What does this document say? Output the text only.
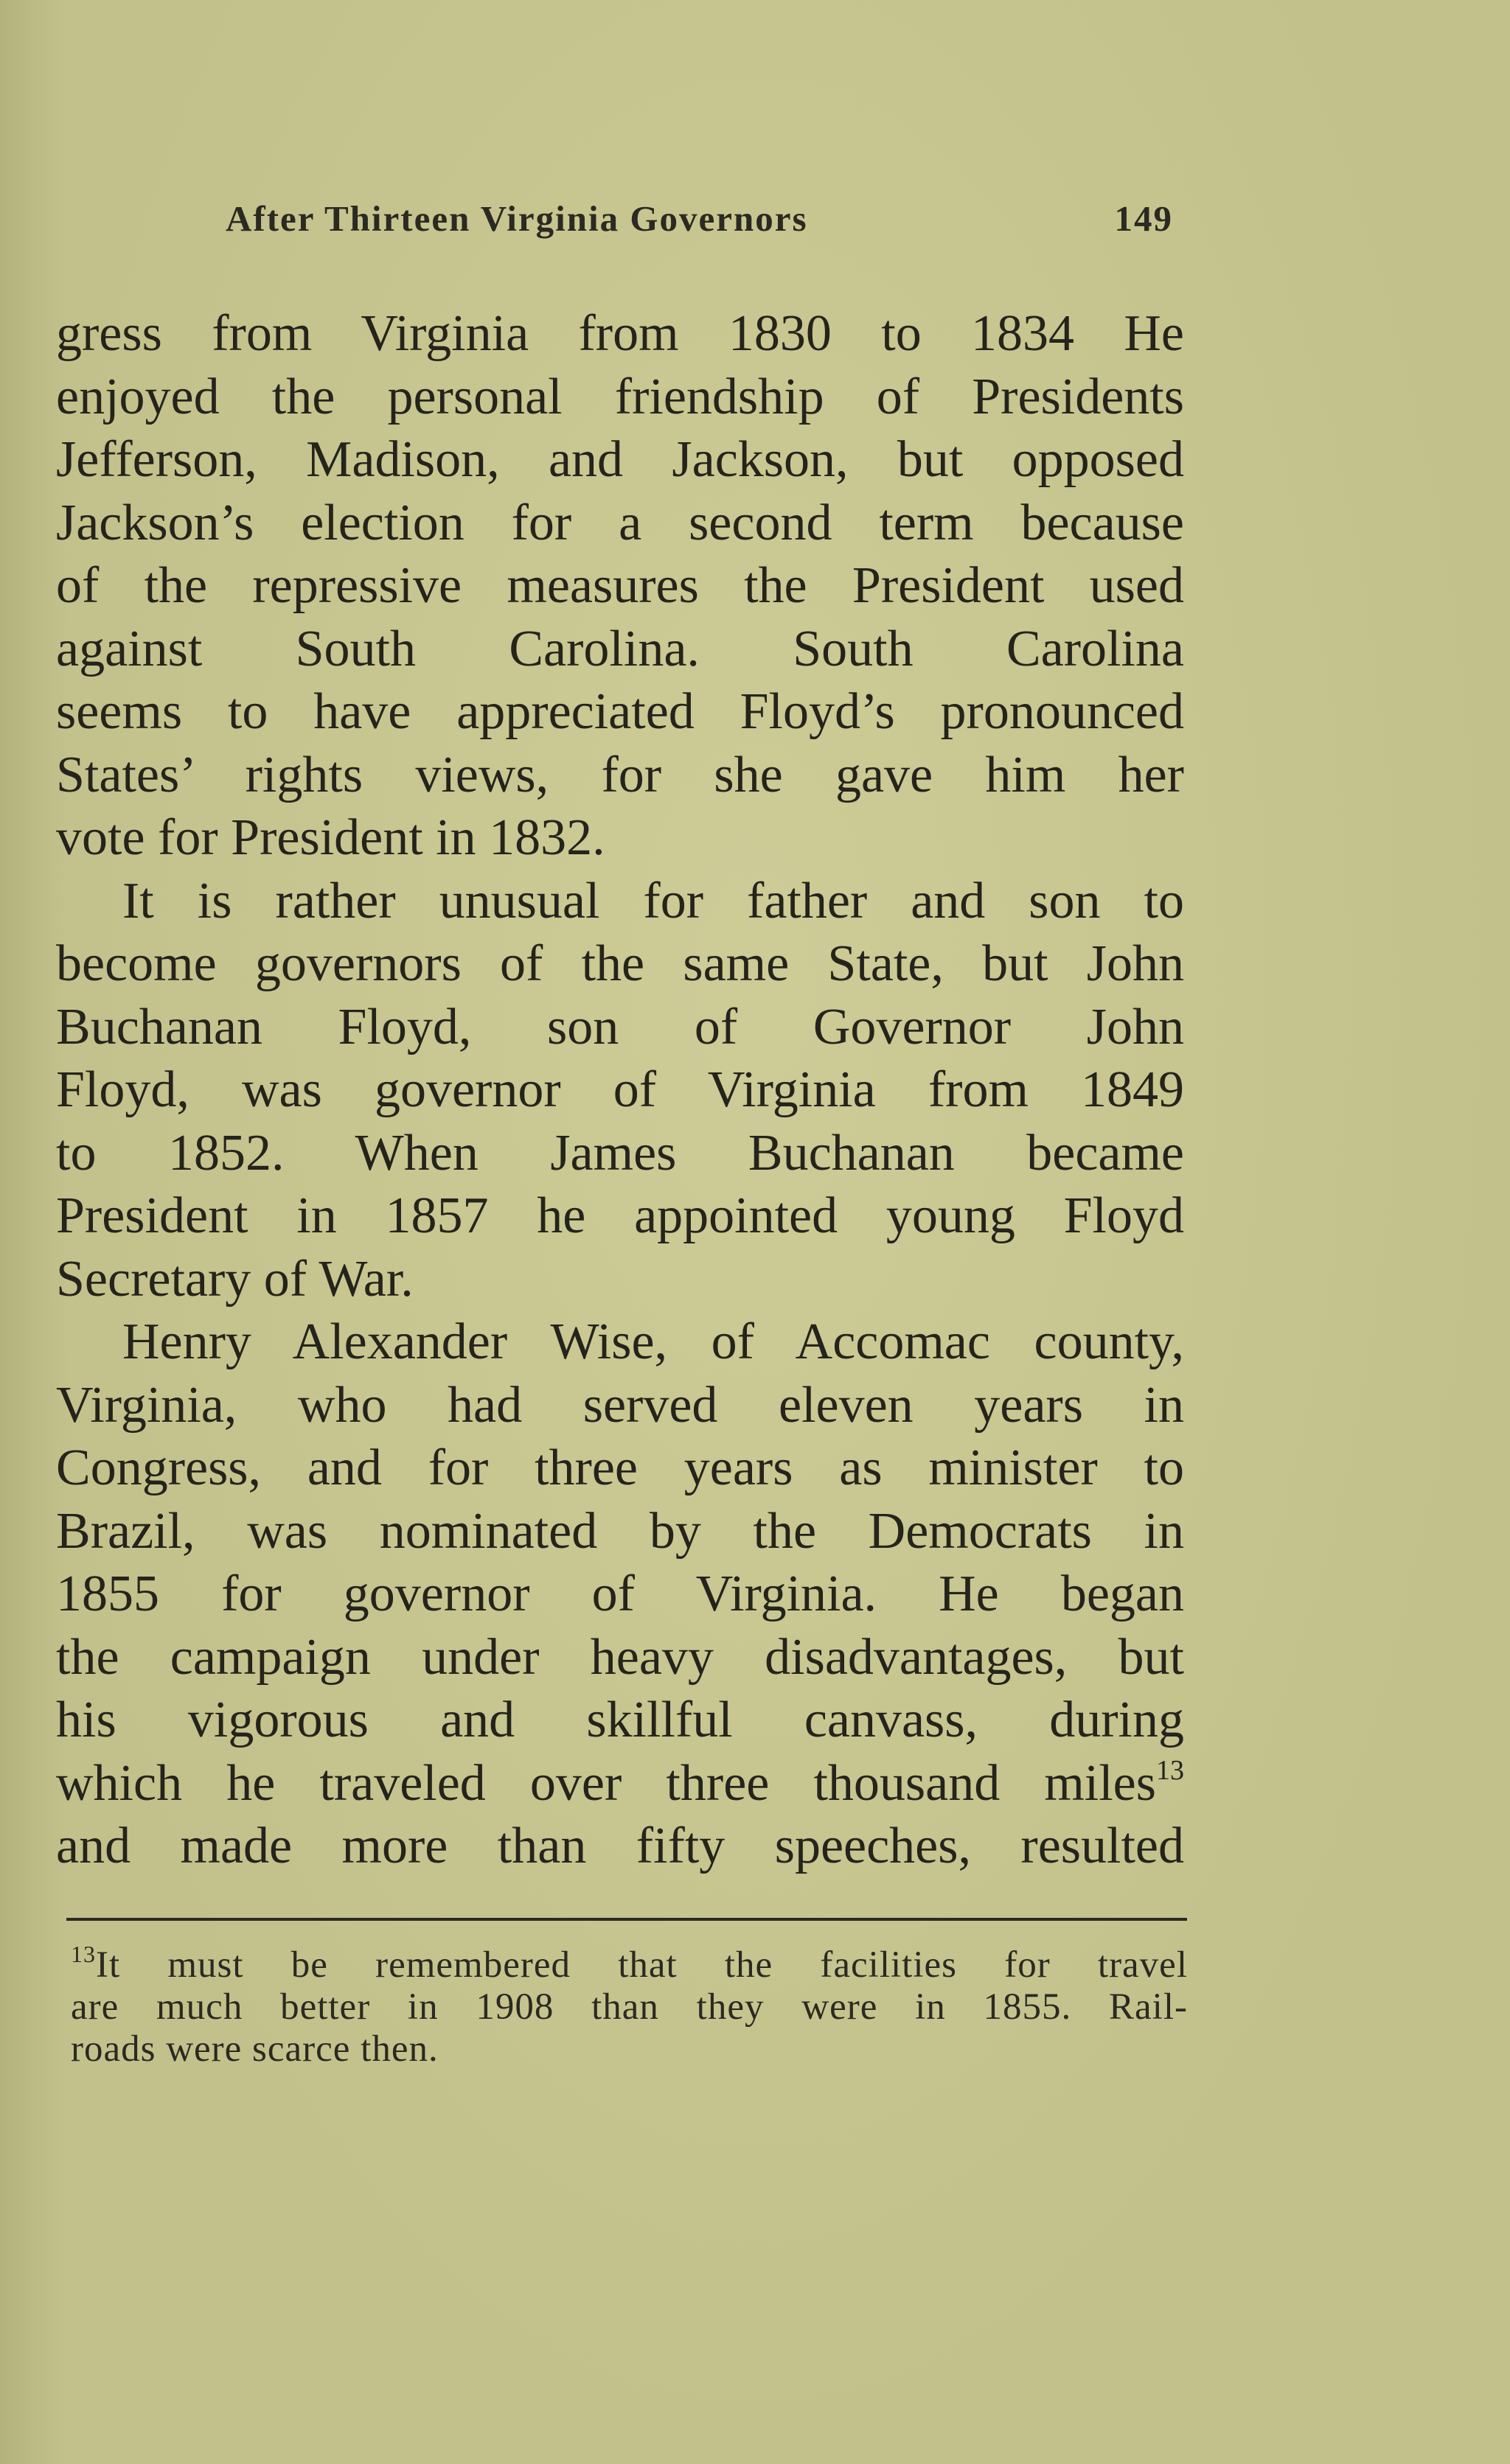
After Thirteen Virginia Governors	149
gress from Virginia from 1830 to 1834 He
enjoyed the personal friendship of Presidents
Jefferson, Madison, and Jackson, but opposed
Jackson’s election for a second term because
of the repressive measures the President used
against South Carolina. South Carolina
seems to have appreciated Floyd’s pronounced
States’ rights views, for she gave him her
vote for President in 1832.
It is rather unusual for father and son to
become governors of the same State, but John
Buchanan Floyd, son of Governor John
Floyd, was governor of Virginia from 1849
to 1852. When James Buchanan became
President in 1857 he appointed young Floyd
Secretary of War.
Henry Alexander Wise, of Accomac county,
Virginia, who had served eleven years in
Congress, and for three years as minister to
Brazil, was nominated by the Democrats in
1855 for governor of Virginia. He began
the campaign under heavy disadvantages, but
his vigorous and skillful canvass, during
which he traveled over three thousand miles$^{13}$
and made more than fifty speeches, resulted
$^{13}$It must be remembered that the facilities for travel
are much better in 1908 than they were in 1855. Rail-
roads were scarce then.
